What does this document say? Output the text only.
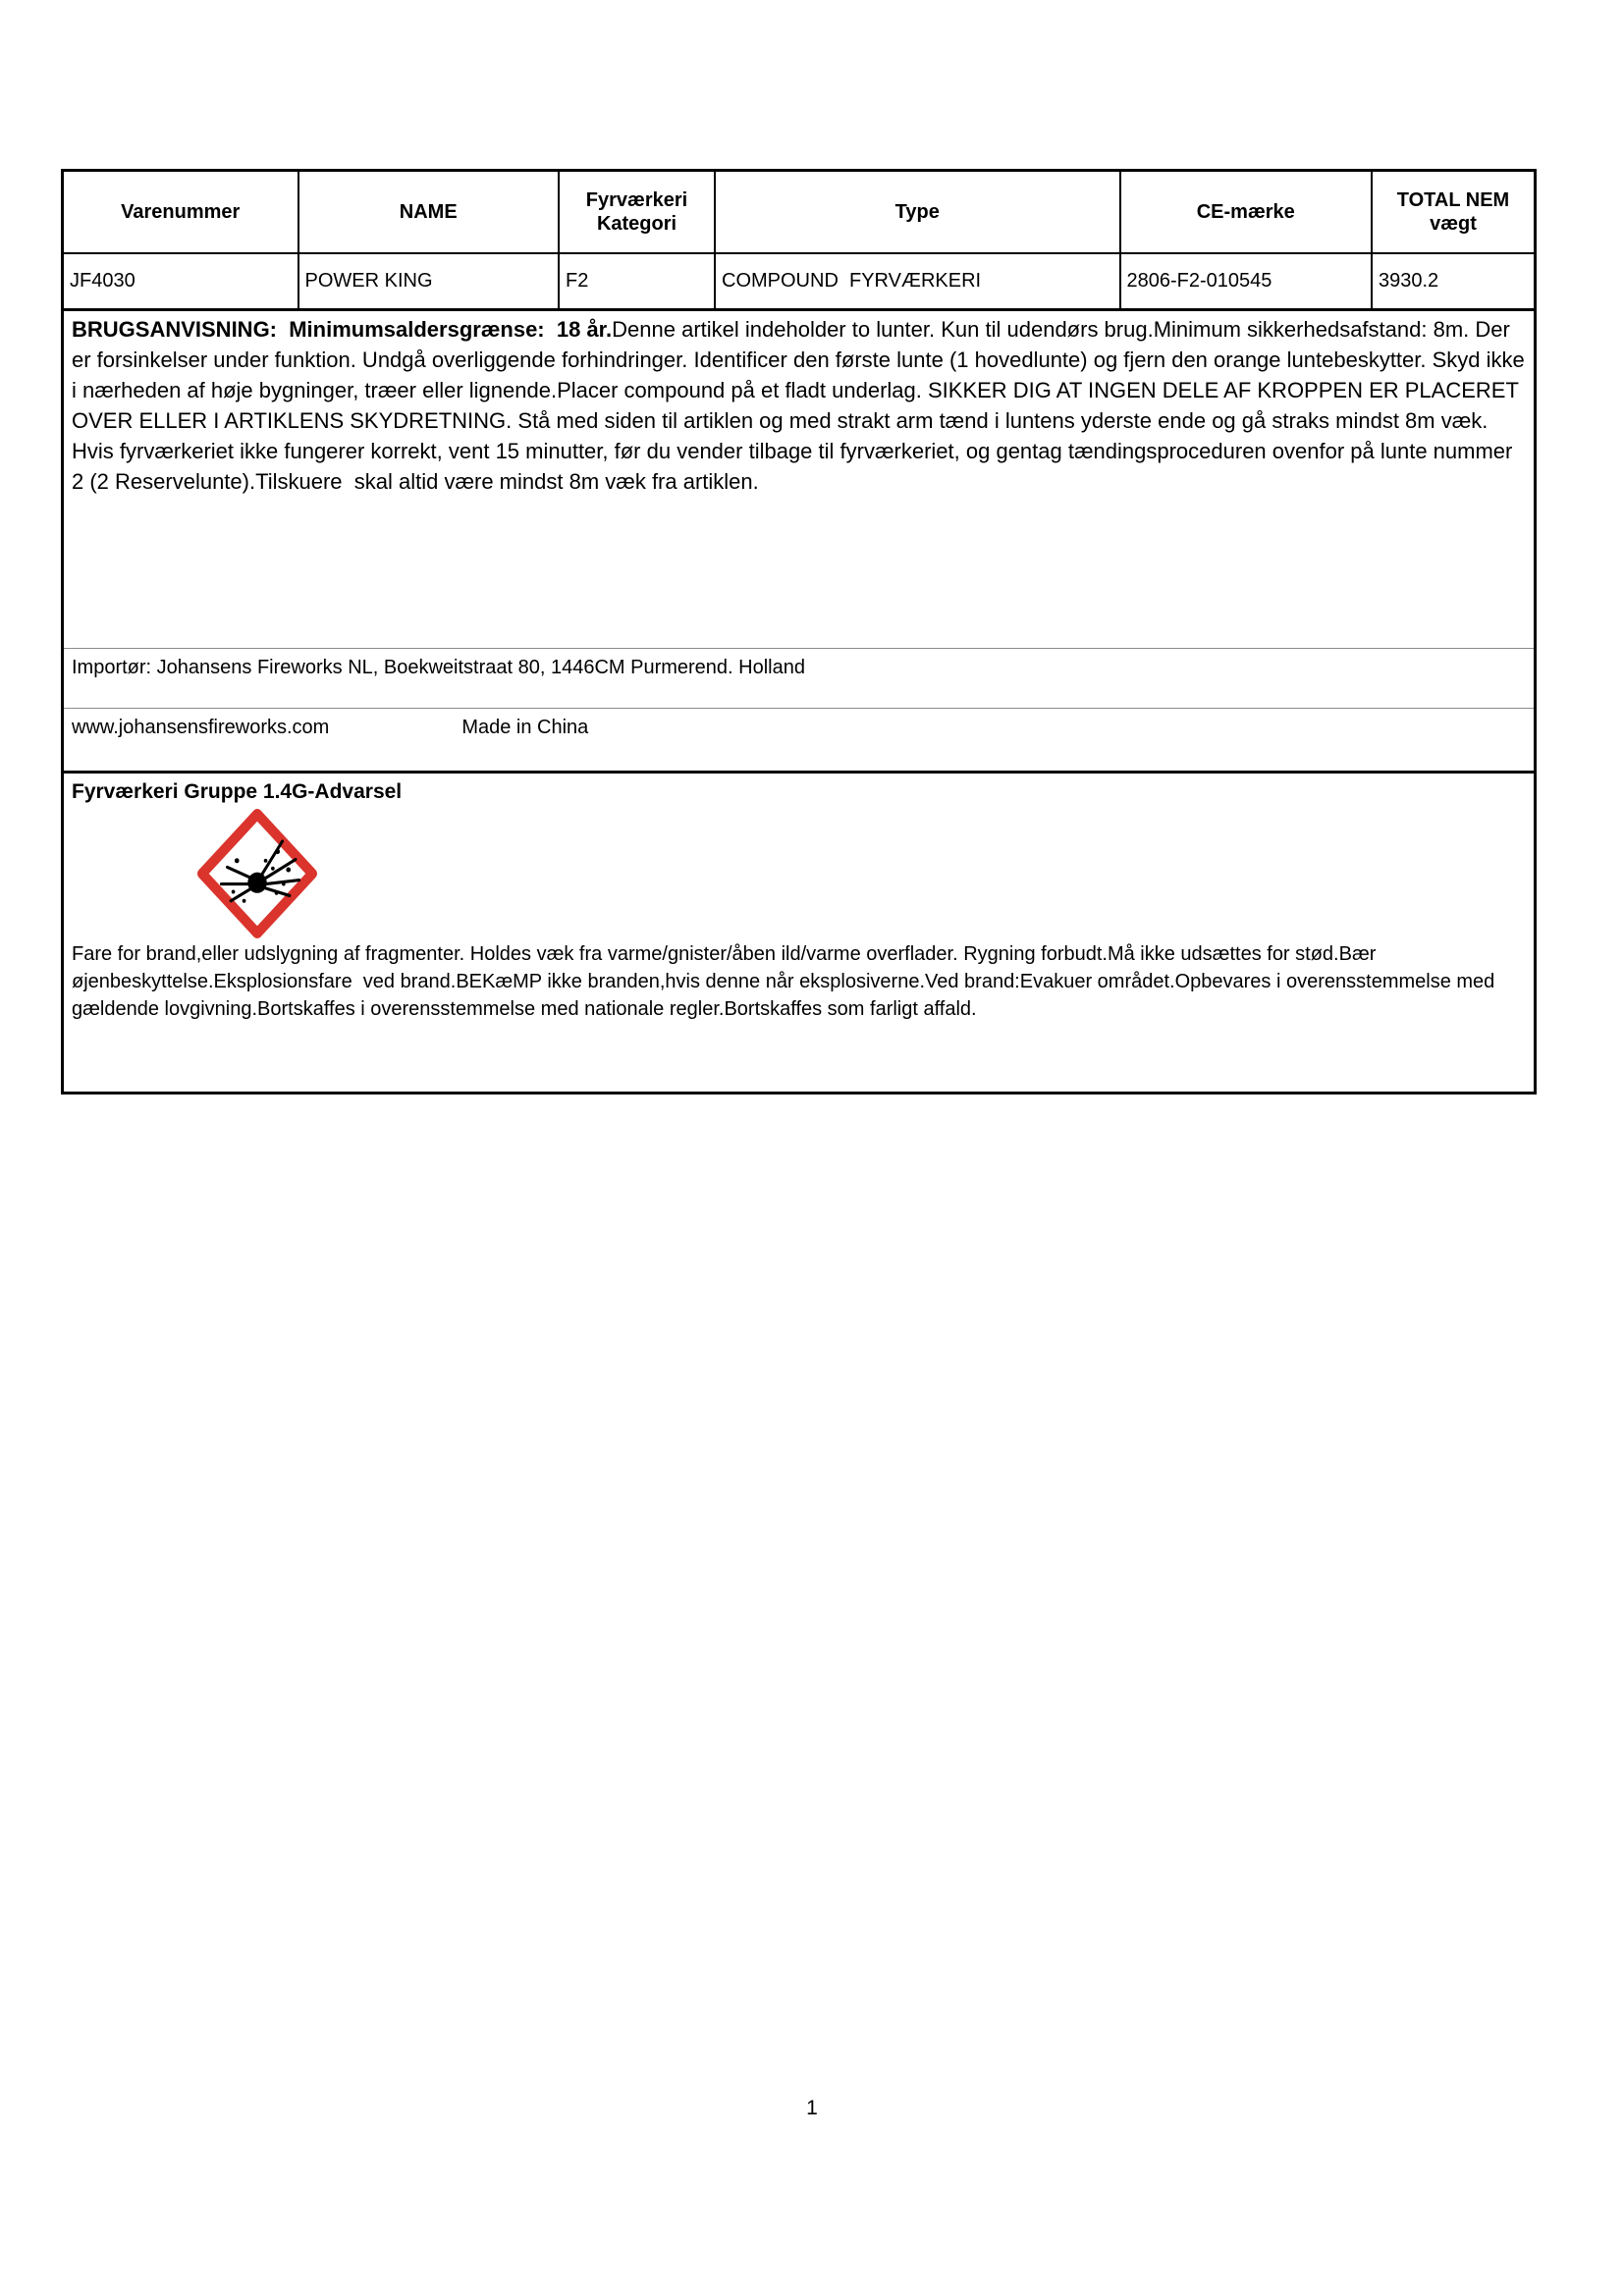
Varenummer	NAME	Fyrværkeri Kategori	Type	CE-mærke	TOTAL NEM vægt
JF4030	POWER KING	F2	COMPOUND  FYRVÆRKERI	2806-F2-010545	3930.2

BRUGSANVISNING:  Minimumsaldersgrænse:  18 år.Denne artikel indeholder to lunter. Kun til udendørs brug.Minimum sikkerhedsafstand: 8m. Der er forsinkelser under funktion. Undgå overliggende forhindringer. Identificer den første lunte (1 hovedlunte) og fjern den orange luntebeskytter. Skyd ikke i nærheden af høje bygninger, træer eller lignende.Placer compound på et fladt underlag. SIKKER DIG AT INGEN DELE AF KROPPEN ER PLACERET OVER ELLER I ARTIKLENS SKYDRETNING. Stå med siden til artiklen og med strakt arm tænd i luntens yderste ende og gå straks mindst 8m væk. Hvis fyrværkeriet ikke fungerer korrekt, vent 15 minutter, før du vender tilbage til fyrværkeriet, og gentag tændingsproceduren ovenfor på lunte nummer 2 (2 Reservelunte).Tilskuere  skal altid være mindst 8m væk fra artiklen.

Importør: Johansens Fireworks NL, Boekweitstraat 80, 1446CM Purmerend. Holland
www.johansensfireworks.com	Made in China
Fyrværkeri Gruppe 1.4G-Advarsel

Fare for brand,eller udslygning af fragmenter. Holdes væk fra varme/gnister/åben ild/varme overflader. Rygning forbudt.Må ikke udsættes for stød.Bær øjenbeskyttelse.Eksplosionsfare  ved brand.BEKæMP ikke branden,hvis denne når eksplosiverne.Ved brand:Evakuer området.Opbevares i overensstemmelse med gældende lovgivning.Bortskaffes i overensstemmelse med nationale regler.Bortskaffes som farligt affald.

1
